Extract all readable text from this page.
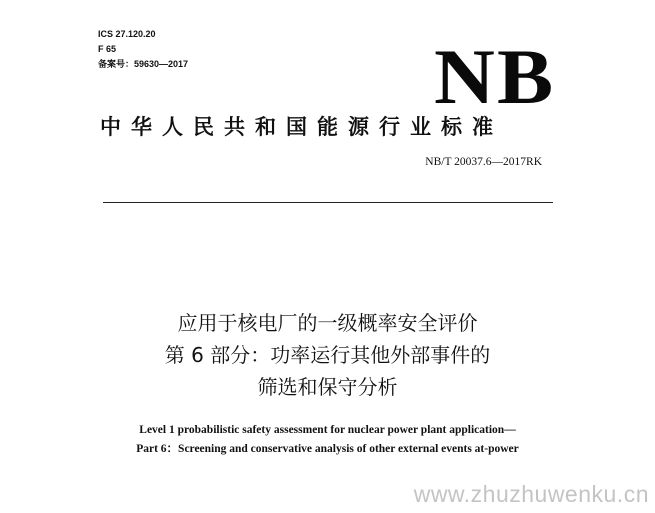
ICS 27.120.20
F 65
备案号：59630—2017	NB
中华人民共和国能源行业标准
NB/T 20037.6—2017RK
应用于核电厂的一级概率安全评价
第 6 部分：功率运行其他外部事件的
筛选和保守分析
Level 1 probabilistic safety assessment for nuclear power plant application—
Part 6：Screening and conservative analysis of other external events at-power
www.zhuzhuwenku.cn
